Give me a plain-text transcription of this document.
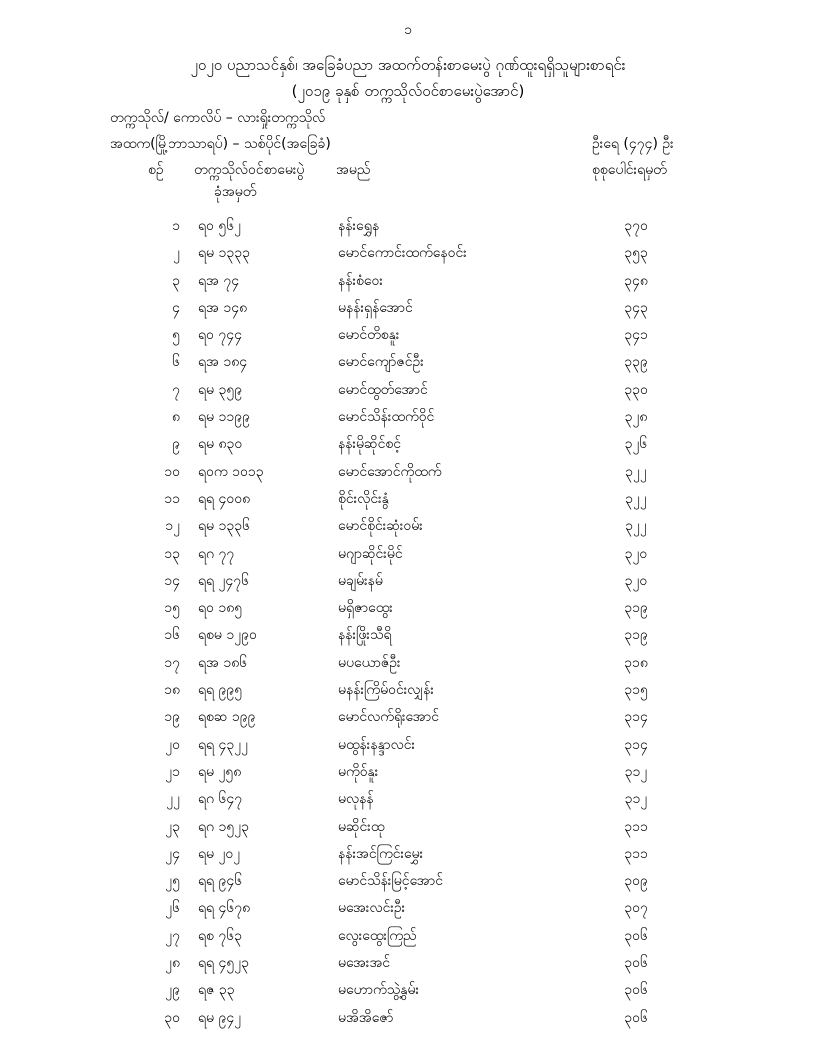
၁
၂၀၂၀ ပညာသင်နှစ်၊ အခြေခံပညာ အထက်တန်းစာမေးပွဲ ဂုဏ်ထူးရရှိသူများစာရင်း
(၂၀၁၉ ခုနှစ် တက္ကသိုလ်ဝင်စာမေးပွဲအောင်)
တက္ကသိုလ်/ ကောလိပ် – လားရှိုးတက္ကသိုလ်
အထက(မြို့ဘာသာရပ်) – သစ်ပိုင်(အခြေခံ)	ဦးရေ (၄၇၄) ဦး
စဉ် တက္ကသိုလ်ဝင်စာမေးပွဲ
ခုံအမှတ်
အမည်	စုစုပေါင်းရမှတ်
၁ ရဝ ၅၆၂	နန်းရွှေန	၃၇၀
၂ ရမ ၁၃၃၃	မောင်ကောင်းထက်နေဝင်း	၃၅၃
၃ ရအ ၇၄	နန်းစံဝေး	၃၄၈
၄ ရအ ၁၄၈	မနန်းရှန်အောင်	၃၄၃
၅ ရ၀ ၇၄၄	မောင်တိစနူး	၃၄၁
၆ ရအ ၁၈၄	မောင်ကျော်ဇင်ဦး	၃၃၉
၇ ရမ ၃၅၉	မောင်ထွတ်အောင်	၃၃၀
၈ ရမ ၁၁၉၉	မောင်သိန်းထက်ဝိုင်	၃၂၈
၉ ရမ ၈၃၀	နန်းမိုဆိုင်စင့်	၃၂၆
၁၀ ရ၀က ၁၀၁၃	မောင်အောင်ကိုထက်	၃၂၂
၁၁ ရရ ၄၀၀၈	စိုင်းလိုင်းနွံ	၃၂၂
၁၂ ရမ ၁၃၃၆	မောင်စိုင်းဆုံးဝမ်း	၃၂၂
၁၃ ရဂ ၇၇	မဂျာဆိုင်းမိုင်	၃၂၀
၁၄ ရရ ၂၄၇၆	မချမ်းနမ်	၃၂၀
၁၅ ရ၀ ၁၈၅	မရှိဇာထွေး	၃၁၉
၁၆ ရစမ ၁၂၉၀	နန်းဖြိုးသီရိ	၃၁၉
၁၇ ရအ ၁၈၆	မပယောဇ်ဦး	၃၁၈
၁၈ ရရ ၉၉၅	မနန်းကြိမ်ဝင်းလျှန်း	၃၁၅
၁၉ ရစဆ ၁၉၉	မောင်လက်ရိုးအောင်	၃၁၄
၂၀ ရရ ၄၃၂၂	မထွန်းနန္ဒာလင်း	၃၁၄
၂၁ ရမ ၂၅၈	မကိုဝ်နူး	၃၁၂
၂၂ ရဂ ၆၄၇	မလုနန်	၃၁၂
၂၃ ရဂ ၁၅၂၃	မဆိုင်းထု	၃၁၁
၂၄ ရမ ၂၀၂	နန်းအင်ကြင်းမွှေး	၃၁၁
၂၅ ရရ ၉၄၆	မောင်သိန်းမြင့်အောင်	၃၀၉
၂၆ ရရ ၄၆၇၈	မအေးလင်းဦး	၃၀၇
၂၇ ရစ ၇၆၃	လွေးထွေးကြည်	၃၀၆
၂၈ ရရ ၄၅၂၃	မအေးအင်	၃၀၆
၂၉ ရဇ ၃၃	မဟောက်သွဲ့နွမ်း	၃၀၆
၃၀ ရမ ၉၄၂	မအိအိဇော်	၃၀၆
